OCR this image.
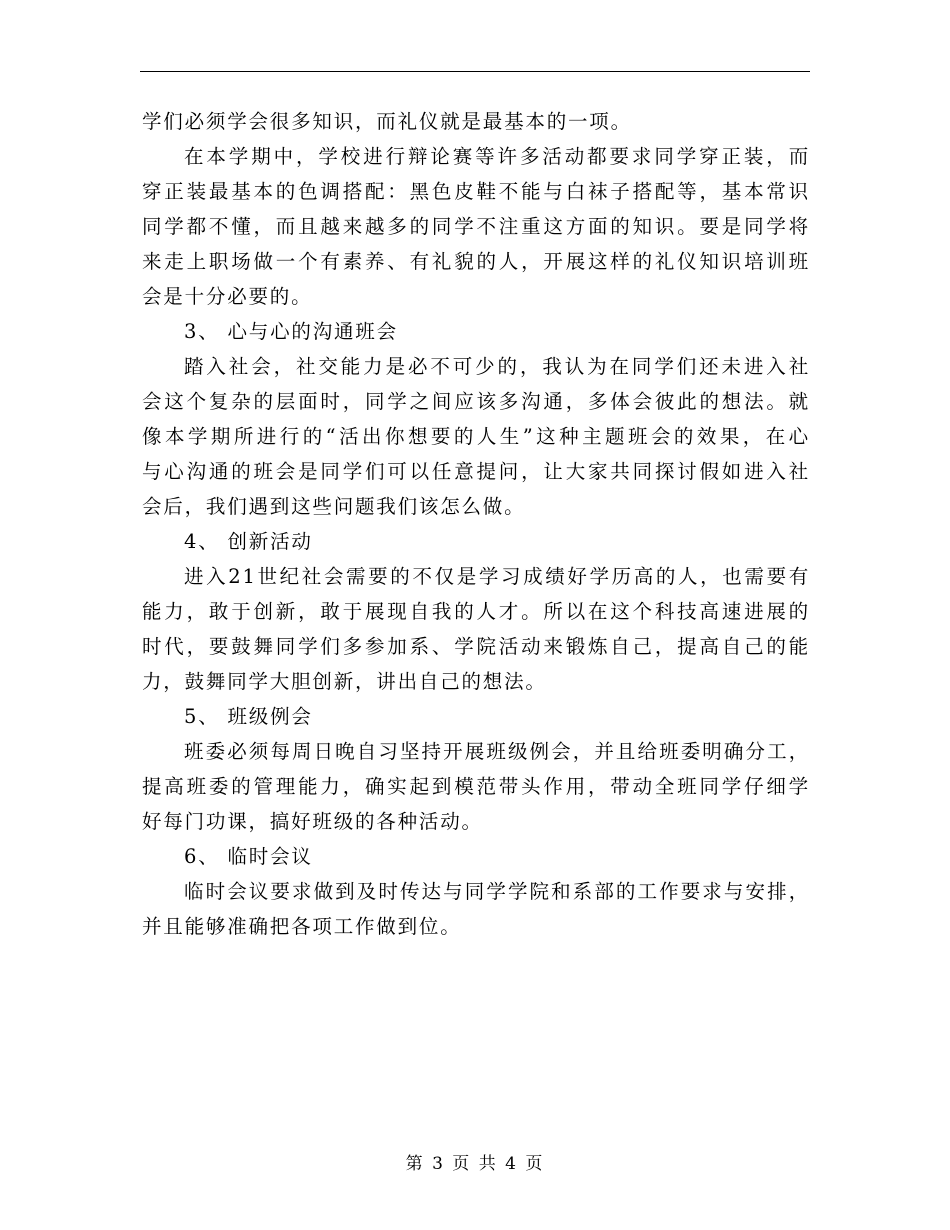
学们必须学会很多知识，而礼仪就是最基本的一项。
在本学期中，学校进行辩论赛等许多活动都要求同学穿正装，而
穿正装最基本的色调搭配：黑色皮鞋不能与白袜子搭配等，基本常识
同学都不懂，而且越来越多的同学不注重这方面的知识。要是同学将
来走上职场做一个有素养、有礼貌的人，开展这样的礼仪知识培训班
会是十分必要的。
3、 心与心的沟通班会
踏入社会，社交能力是必不可少的，我认为在同学们还未进入社
会这个复杂的层面时，同学之间应该多沟通，多体会彼此的想法。就
像本学期所进行的“活出你想要的人生”这种主题班会的效果，在心
与心沟通的班会是同学们可以任意提问，让大家共同探讨假如进入社
会后，我们遇到这些问题我们该怎么做。
4、 创新活动
进入21世纪社会需要的不仅是学习成绩好学历高的人，也需要有
能力，敢于创新，敢于展现自我的人才。所以在这个科技高速进展的
时代，要鼓舞同学们多参加系、学院活动来锻炼自己，提高自己的能
力，鼓舞同学大胆创新，讲出自己的想法。
5、 班级例会
班委必须每周日晚自习坚持开展班级例会，并且给班委明确分工，
提高班委的管理能力，确实起到模范带头作用，带动全班同学仔细学
好每门功课，搞好班级的各种活动。
6、 临时会议
临时会议要求做到及时传达与同学学院和系部的工作要求与安排，
并且能够准确把各项工作做到位。
第 3 页 共 4 页
